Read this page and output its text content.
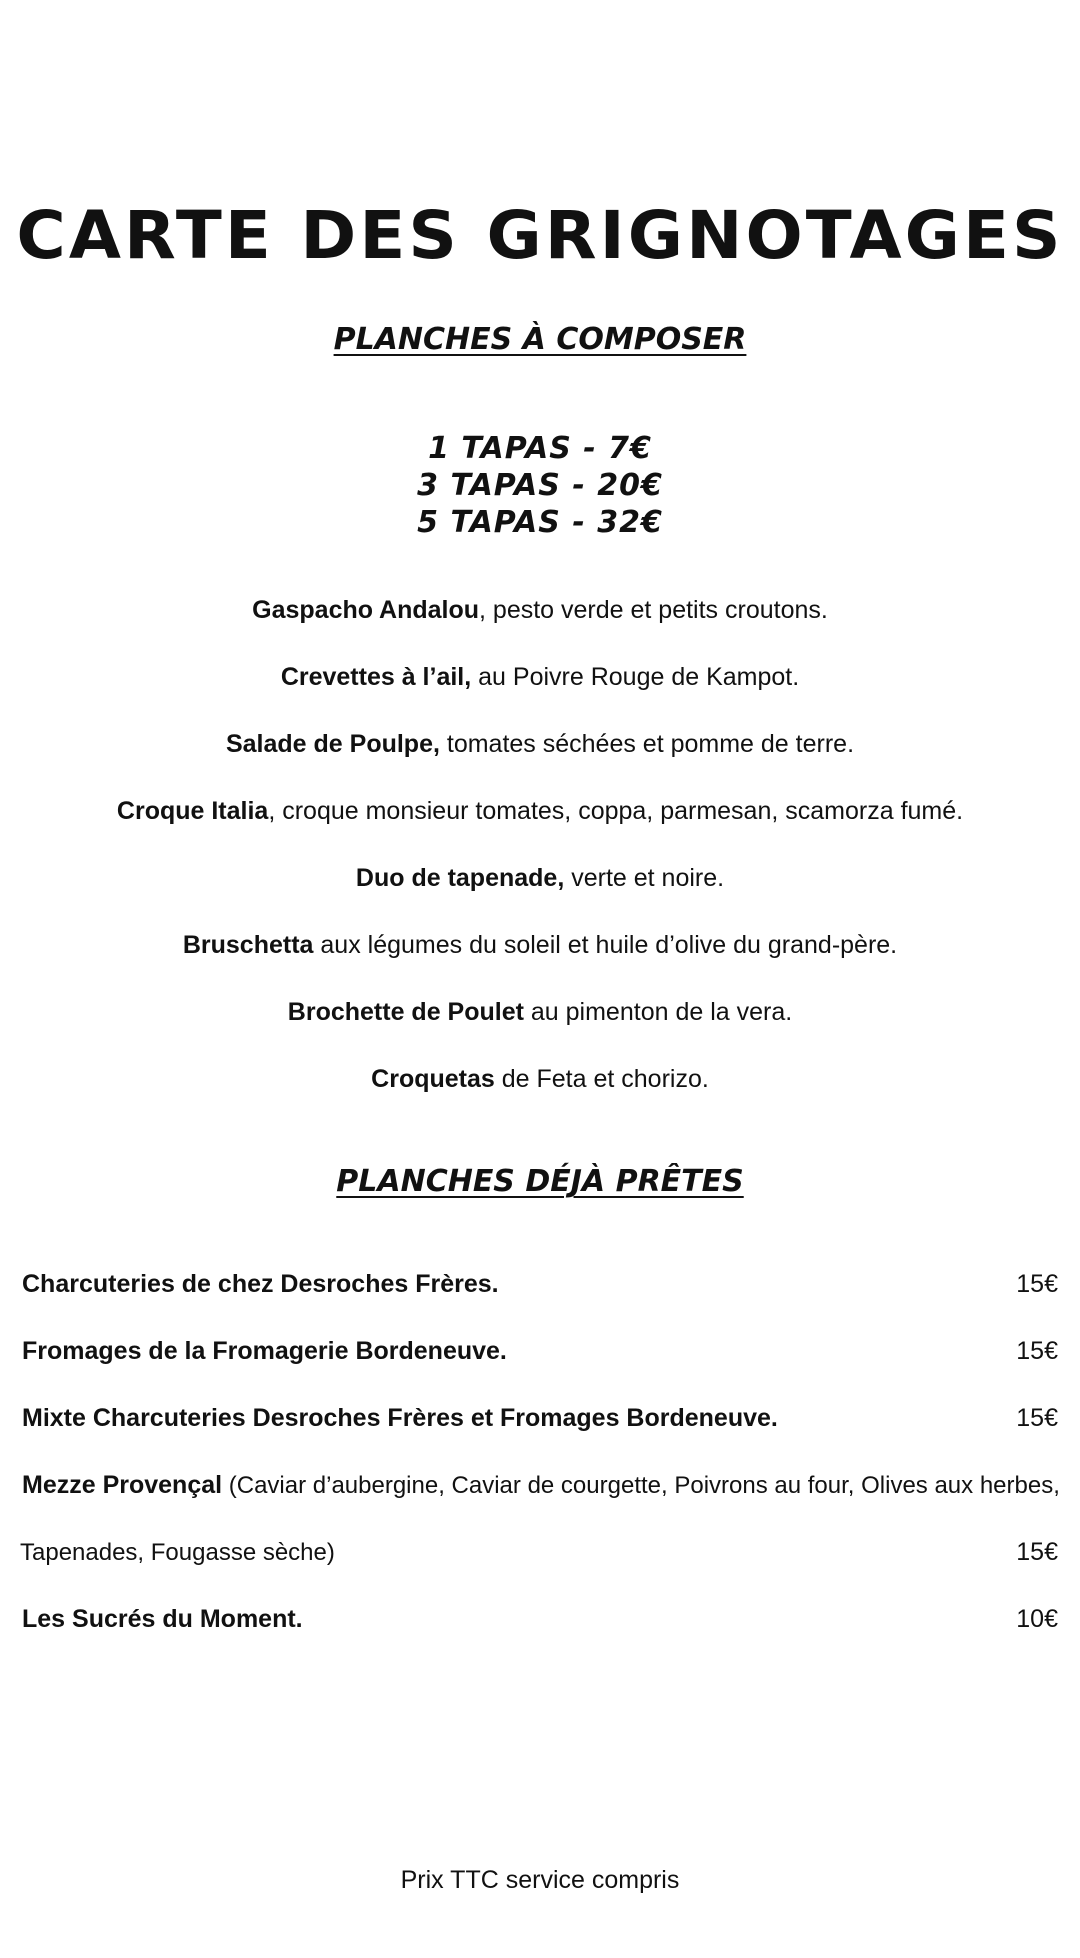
CARTE DES GRIGNOTAGES
PLANCHES À COMPOSER
1 TAPAS - 7€
3 TAPAS - 20€
5 TAPAS - 32€
Gaspacho Andalou, pesto verde et petits croutons.
Crevettes à l’ail, au Poivre Rouge de Kampot.
Salade de Poulpe, tomates séchées et pomme de terre.
Croque Italia, croque monsieur tomates, coppa, parmesan, scamorza fumé.
Duo de tapenade, verte et noire.
Bruschetta aux légumes du soleil et huile d’olive du grand-père.
Brochette de Poulet au pimenton de la vera.
Croquetas de Feta et chorizo.
PLANCHES DÉJÀ PRÊTES
Charcuteries de chez Desroches Frères.	15€
Fromages de la Fromagerie Bordeneuve.	15€
Mixte Charcuteries Desroches Frères et Fromages Bordeneuve.	15€
Mezze Provençal (Caviar d’aubergine, Caviar de courgette, Poivrons au four, Olives aux herbes,
Tapenades, Fougasse sèche)	15€
Les Sucrés du Moment.	10€
Prix TTC service compris
